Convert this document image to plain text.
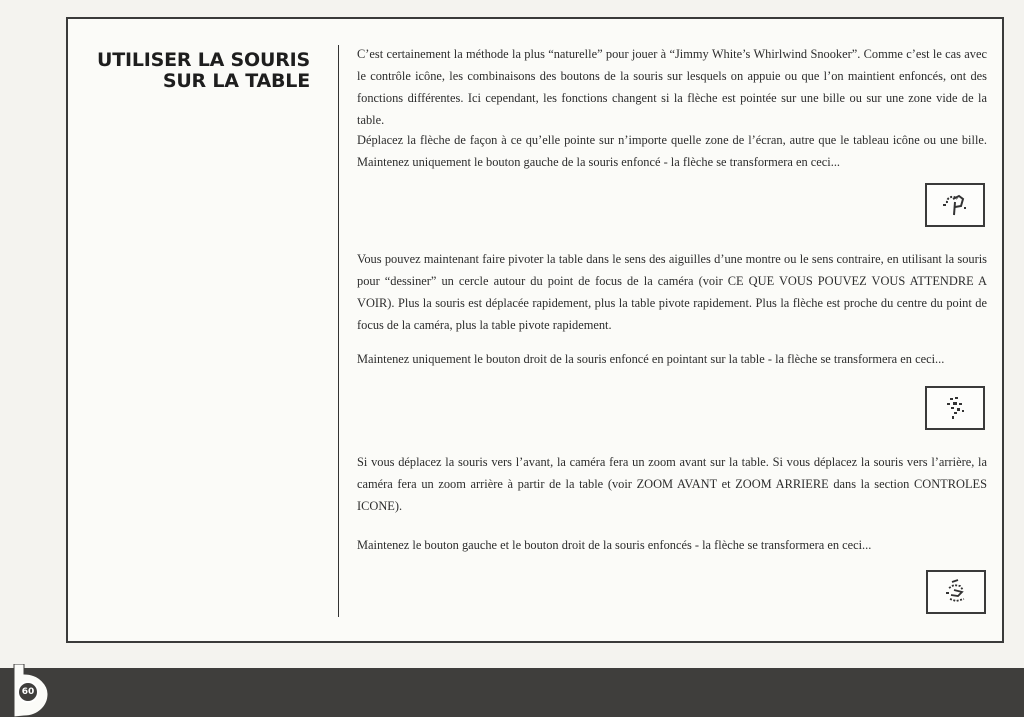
UTILISER LA SOURIS
SUR LA TABLE

C’est certainement la méthode la plus “naturelle” pour jouer à “Jimmy White’s Whirlwind Snooker”. Comme c’est le cas avec le contrôle icône, les combinaisons des boutons de la souris sur lesquels on appuie ou que l’on maintient enfoncés, ont des fonctions différentes. Ici cependant, les fonctions changent si la flèche est pointée sur une bille ou sur une zone vide de la table.

Déplacez la flèche de façon à ce qu’elle pointe sur n’importe quelle zone de l’écran, autre que le tableau icône ou une bille. Maintenez uniquement le bouton gauche de la souris enfoncé - la flèche se transformera en ceci...

Vous pouvez maintenant faire pivoter la table dans le sens des aiguilles d’une montre ou le sens contraire, en utilisant la souris pour “dessiner” un cercle autour du point de focus de la caméra (voir CE QUE VOUS POUVEZ VOUS ATTENDRE A VOIR). Plus la souris est déplacée rapidement, plus la table pivote rapidement. Plus la flèche est proche du centre du point de focus de la caméra, plus la table pivote rapidement.

Maintenez uniquement le bouton droit de la souris enfoncé en pointant sur la table - la flèche se transformera en ceci...

Si vous déplacez la souris vers l’avant, la caméra fera un zoom avant sur la table. Si vous déplacez la souris vers l’arrière, la caméra fera un zoom arrière à partir de la table (voir ZOOM AVANT et ZOOM ARRIERE dans la section CONTROLES ICONE).

Maintenez le bouton gauche et le bouton droit de la souris enfoncés - la flèche se transformera en ceci...

60
